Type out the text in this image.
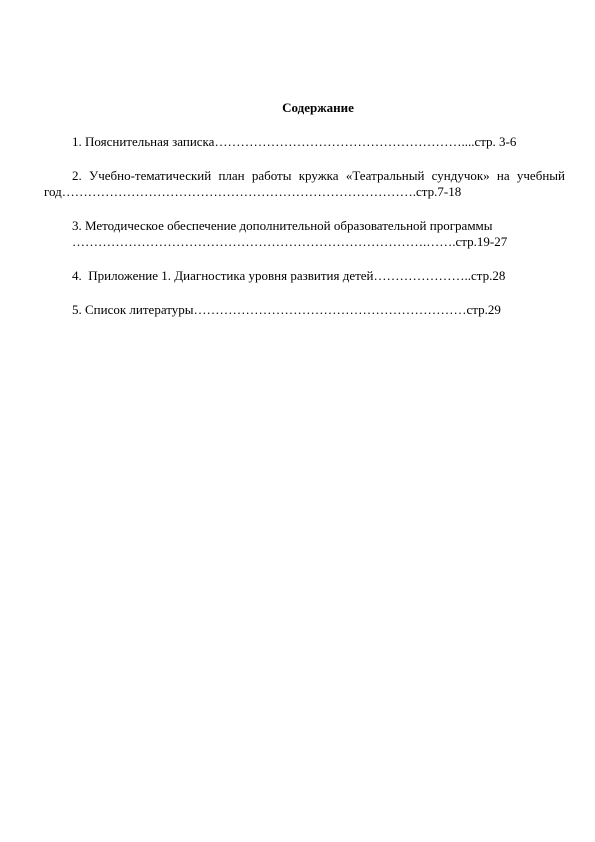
Содержание
1. Пояснительная записка…………………………………………………....стр. 3-6
2. Учебно-тематический план работы кружка «Театральный сундучок» на учебный
год……………………………………………………………………….стр.7-18
3. Методическое обеспечение дополнительной образовательной программы
……………………………………………………………………….…….стр.19-27
4.  Приложение 1. Диагностика уровня развития детей…………………..стр.28
5. Список литературы………………………………………………………стр.29
